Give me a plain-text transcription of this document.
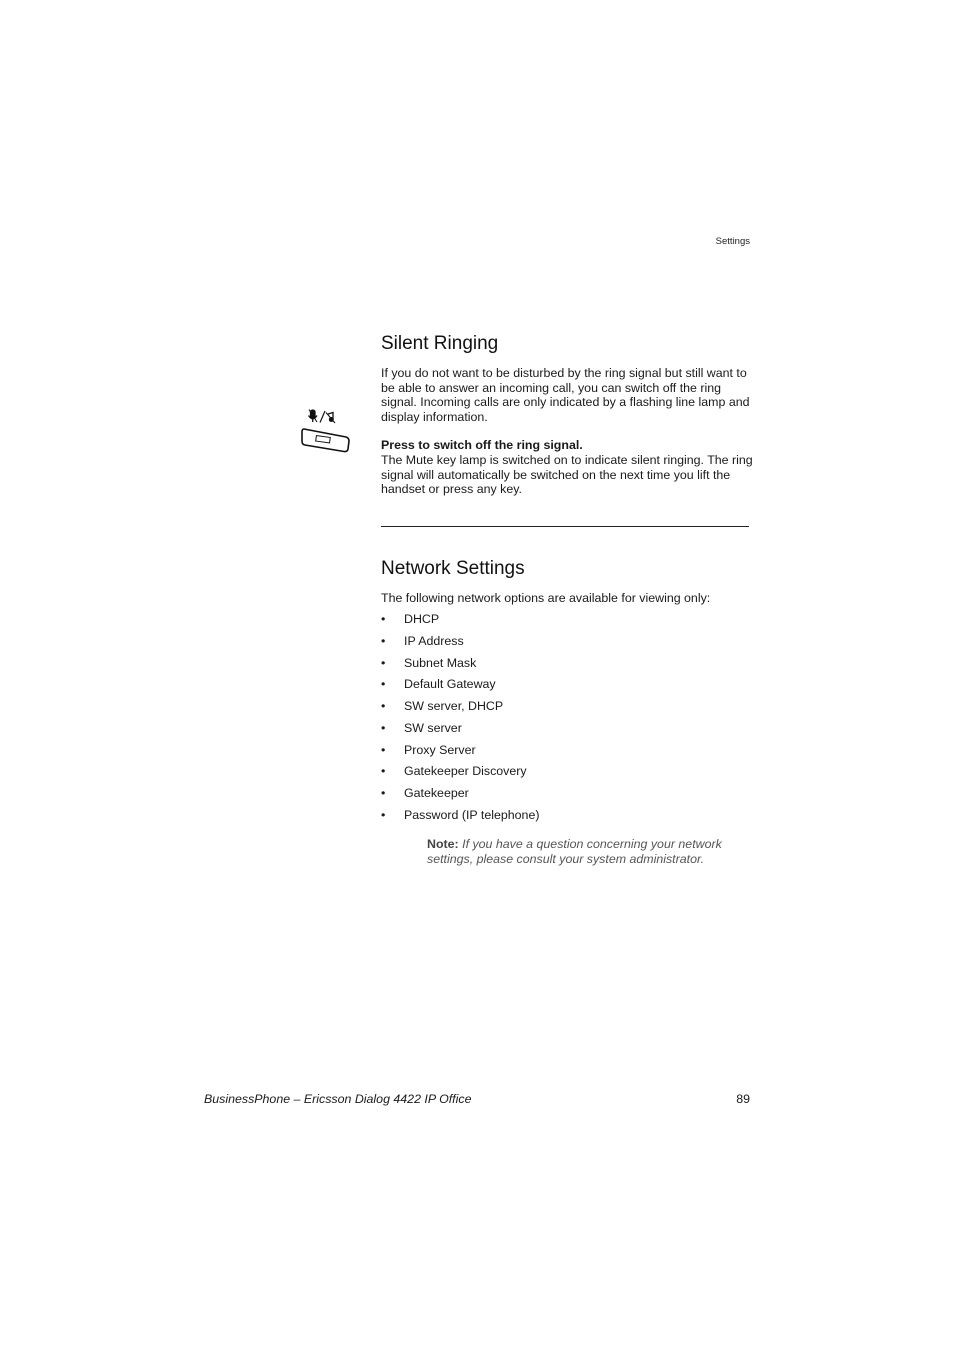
Settings
Silent Ringing
If you do not want to be disturbed by the ring signal but still want to be able to answer an incoming call, you can switch off the ring signal. Incoming calls are only indicated by a flashing line lamp and display information.
Press to switch off the ring signal.
The Mute key lamp is switched on to indicate silent ringing. The ring signal will automatically be switched on the next time you lift the handset or press any key.
Network Settings
The following network options are available for viewing only:
• DHCP
• IP Address
• Subnet Mask
• Default Gateway
• SW server, DHCP
• SW server
• Proxy Server
• Gatekeeper Discovery
• Gatekeeper
• Password (IP telephone)
Note: If you have a question concerning your network settings, please consult your system administrator.
BusinessPhone – Ericsson Dialog 4422 IP Office	89
